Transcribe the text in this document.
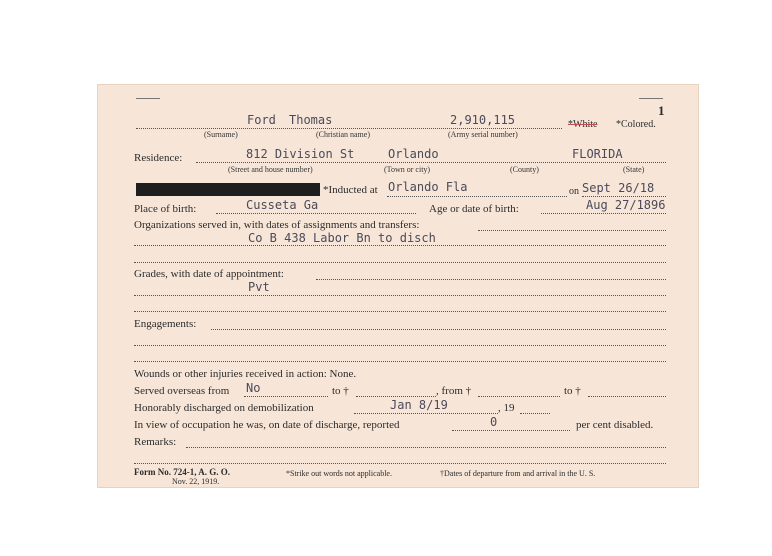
1
Ford Thomas	2,910,115	*White *Colored.
(Surname)	(Christian name)	(Army serial number)
Residence:	812 Division St	Orlando	FLORIDA
(Street and house number)	(Town or city)	(County)	(State)
*Inducted at Orlando Fla	on Sept 26/18
Place of birth:	Cusseta Ga	Age or date of birth:	Aug 27/1896
Organizations served in, with dates of assignments and transfers:
Co B 438 Labor Bn to disch
Grades, with date of appointment:
Pvt
Engagements:
Wounds or other injuries received in action: None.
Served overseas from No	to †	, from †	to †
Honorably discharged on demobilization	Jan 8/19	, 19
In view of occupation he was, on date of discharge, reported	0	per cent disabled.
Remarks:
Form No. 724-1, A. G. O.
Nov. 22, 1919.
*Strike out words not applicable.	†Dates of departure from and arrival in the U. S.
